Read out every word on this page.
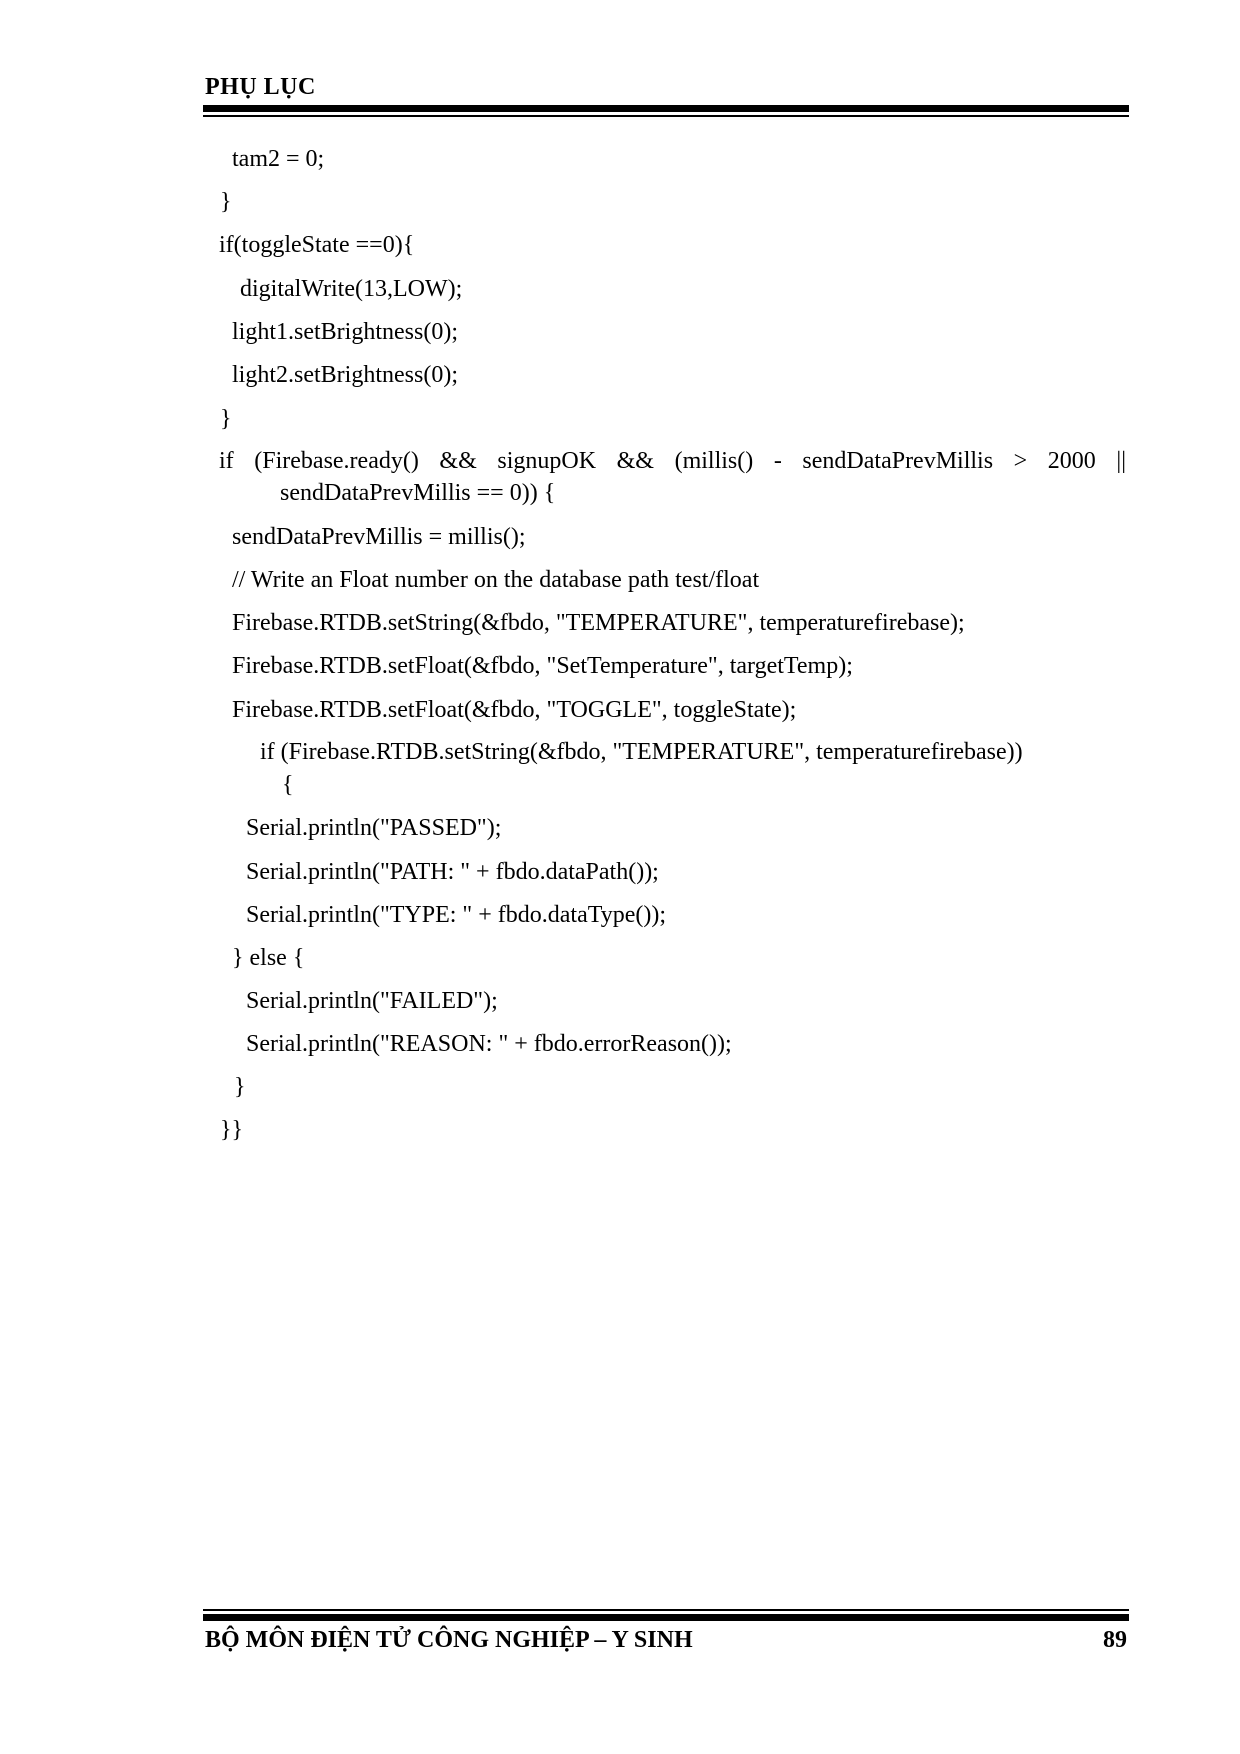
PHỤ LỤC
tam2 = 0;
}
if(toggleState ==0){
digitalWrite(13,LOW);
light1.setBrightness(0);
light2.setBrightness(0);
}
if (Firebase.ready() && signupOK && (millis() - sendDataPrevMillis > 2000 ||
sendDataPrevMillis == 0)) {
sendDataPrevMillis = millis();
// Write an Float number on the database path test/float
Firebase.RTDB.setString(&fbdo, "TEMPERATURE", temperaturefirebase);
Firebase.RTDB.setFloat(&fbdo, "SetTemperature", targetTemp);
Firebase.RTDB.setFloat(&fbdo, "TOGGLE", toggleState);
if (Firebase.RTDB.setString(&fbdo, "TEMPERATURE", temperaturefirebase))
{
Serial.println("PASSED");
Serial.println("PATH: " + fbdo.dataPath());
Serial.println("TYPE: " + fbdo.dataType());
} else {
Serial.println("FAILED");
Serial.println("REASON: " + fbdo.errorReason());
}
}}
BỘ MÔN ĐIỆN TỬ CÔNG NGHIỆP – Y SINH	89
